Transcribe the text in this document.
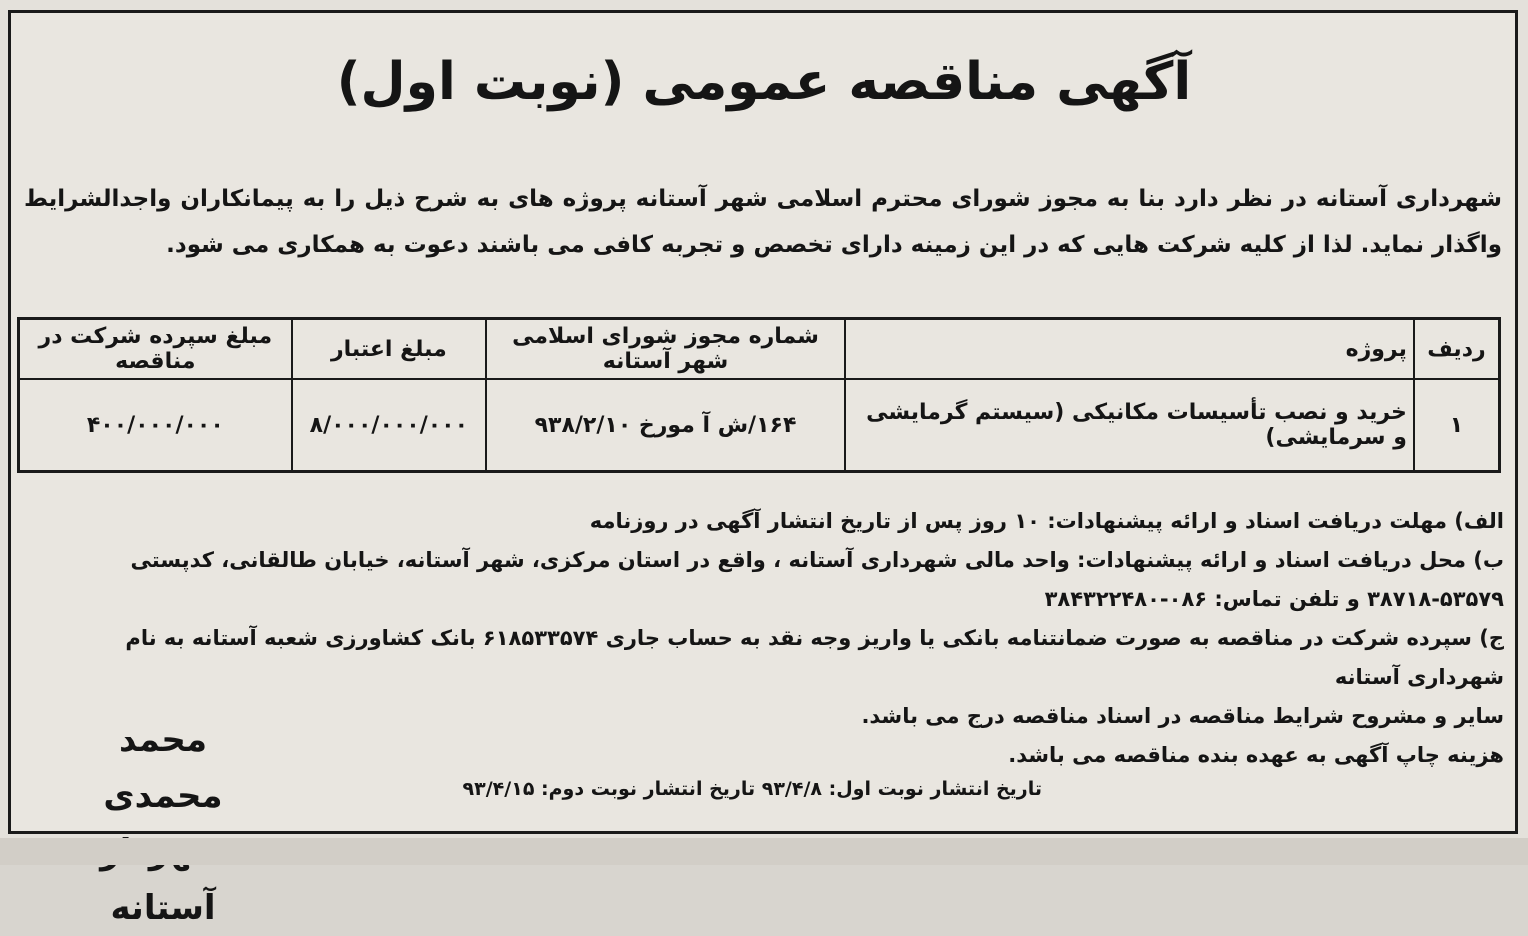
آگهی مناقصه عمومی (نوبت اول)
شهرداری آستانه در نظر دارد بنا به مجوز شورای محترم اسلامی شهر آستانه پروژه های به شرح ذیل را به پیمانکاران واجدالشرایط واگذار نماید. لذا از کلیه شرکت هایی که در این زمینه دارای تخصص و تجربه کافی می باشند دعوت به همکاری می شود.
ردیف	پروژه	شماره مجوز شورای اسلامی شهر آستانه	مبلغ اعتبار	مبلغ سپرده شرکت در مناقصه
۱	خرید و نصب تأسیسات مکانیکی (سیستم گرمایشی و سرمایشی)	۱۶۴/ش آ مورخ ۹۳۸/۲/۱۰	۸/۰۰۰/۰۰۰/۰۰۰	۴۰۰/۰۰۰/۰۰۰

الف) مهلت دریافت اسناد و ارائه پیشنهادات: ۱۰ روز پس از تاریخ انتشار آگهی در روزنامه

ب) محل دریافت اسناد و ارائه پیشنهادات: واحد مالی شهرداری آستانه ، واقع در استان مرکزی، شهر آستانه، خیابان طالقانی، کدپستی ۵۳۵۷۹-۳۸۷۱۸ و تلفن تماس: ۰۸۶-۳۸۴۳۲۲۴۸۰

ج) سپرده شرکت در مناقصه به صورت ضمانتنامه بانکی یا واریز وجه نقد به حساب جاری ۶۱۸۵۳۳۵۷۴ بانک کشاورزی شعبه آستانه به نام شهرداری آستانه

سایر و مشروح شرایط مناقصه در اسناد مناقصه درج می باشد.

هزینه چاپ آگهی به عهده بنده مناقصه می باشد.

تاریخ انتشار نوبت اول: ۹۳/۴/۸ تاریخ انتشار نوبت دوم: ۹۳/۴/۱۵
محمد محمدی
آستانه
